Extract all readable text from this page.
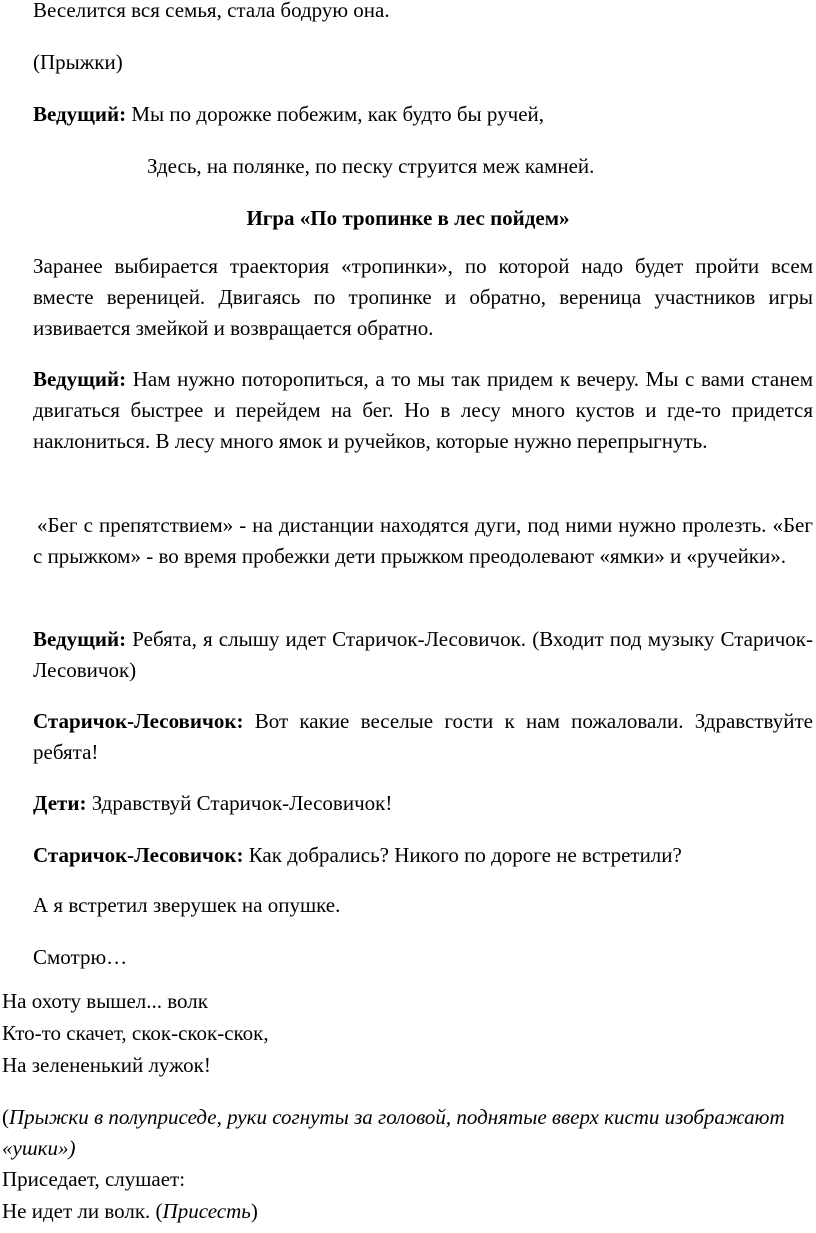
Веселится вся семья, стала бодрую она.

(Прыжки)

Ведущий: Мы по дорожке побежим, как будто бы ручей,

Здесь, на полянке, по песку струится меж камней.

Игра «По тропинке в лес пойдем»

Заранее выбирается траектория «тропинки», по которой надо будет пройти всем вместе вереницей. Двигаясь по тропинке и обратно, вереница участников игры извивается змейкой и возвращается обратно.

Ведущий: Нам нужно поторопиться, а то мы так придем к вечеру. Мы с вами станем двигаться быстрее и перейдем на бег. Но в лесу много кустов и где-то придется наклониться. В лесу много ямок и ручейков, которые нужно перепрыгнуть.

«Бег с препятствием» - на дистанции находятся дуги, под ними нужно пролезть. «Бег с прыжком» - во время пробежки дети прыжком преодолевают «ямки» и «ручейки».

Ведущий: Ребята, я слышу идет Старичок-Лесовичок. (Входит под музыку Старичок-Лесовичок)

Старичок-Лесовичок: Вот какие веселые гости к нам пожаловали. Здравствуйте ребята!

Дети: Здравствуй Старичок-Лесовичок!

Старичок-Лесовичок: Как добрались? Никого по дороге не встретили?

А я встретил зверушек на опушке.

Смотрю…

На охоту вышел... волк

Кто-то скачет, скок-скок-скок,

На зелененький лужок!

(Прыжки в полуприседе, руки согнуты за головой, поднятые вверх кисти изображают «ушки»)

Приседает, слушает:

Не идет ли волк. (Присесть)
